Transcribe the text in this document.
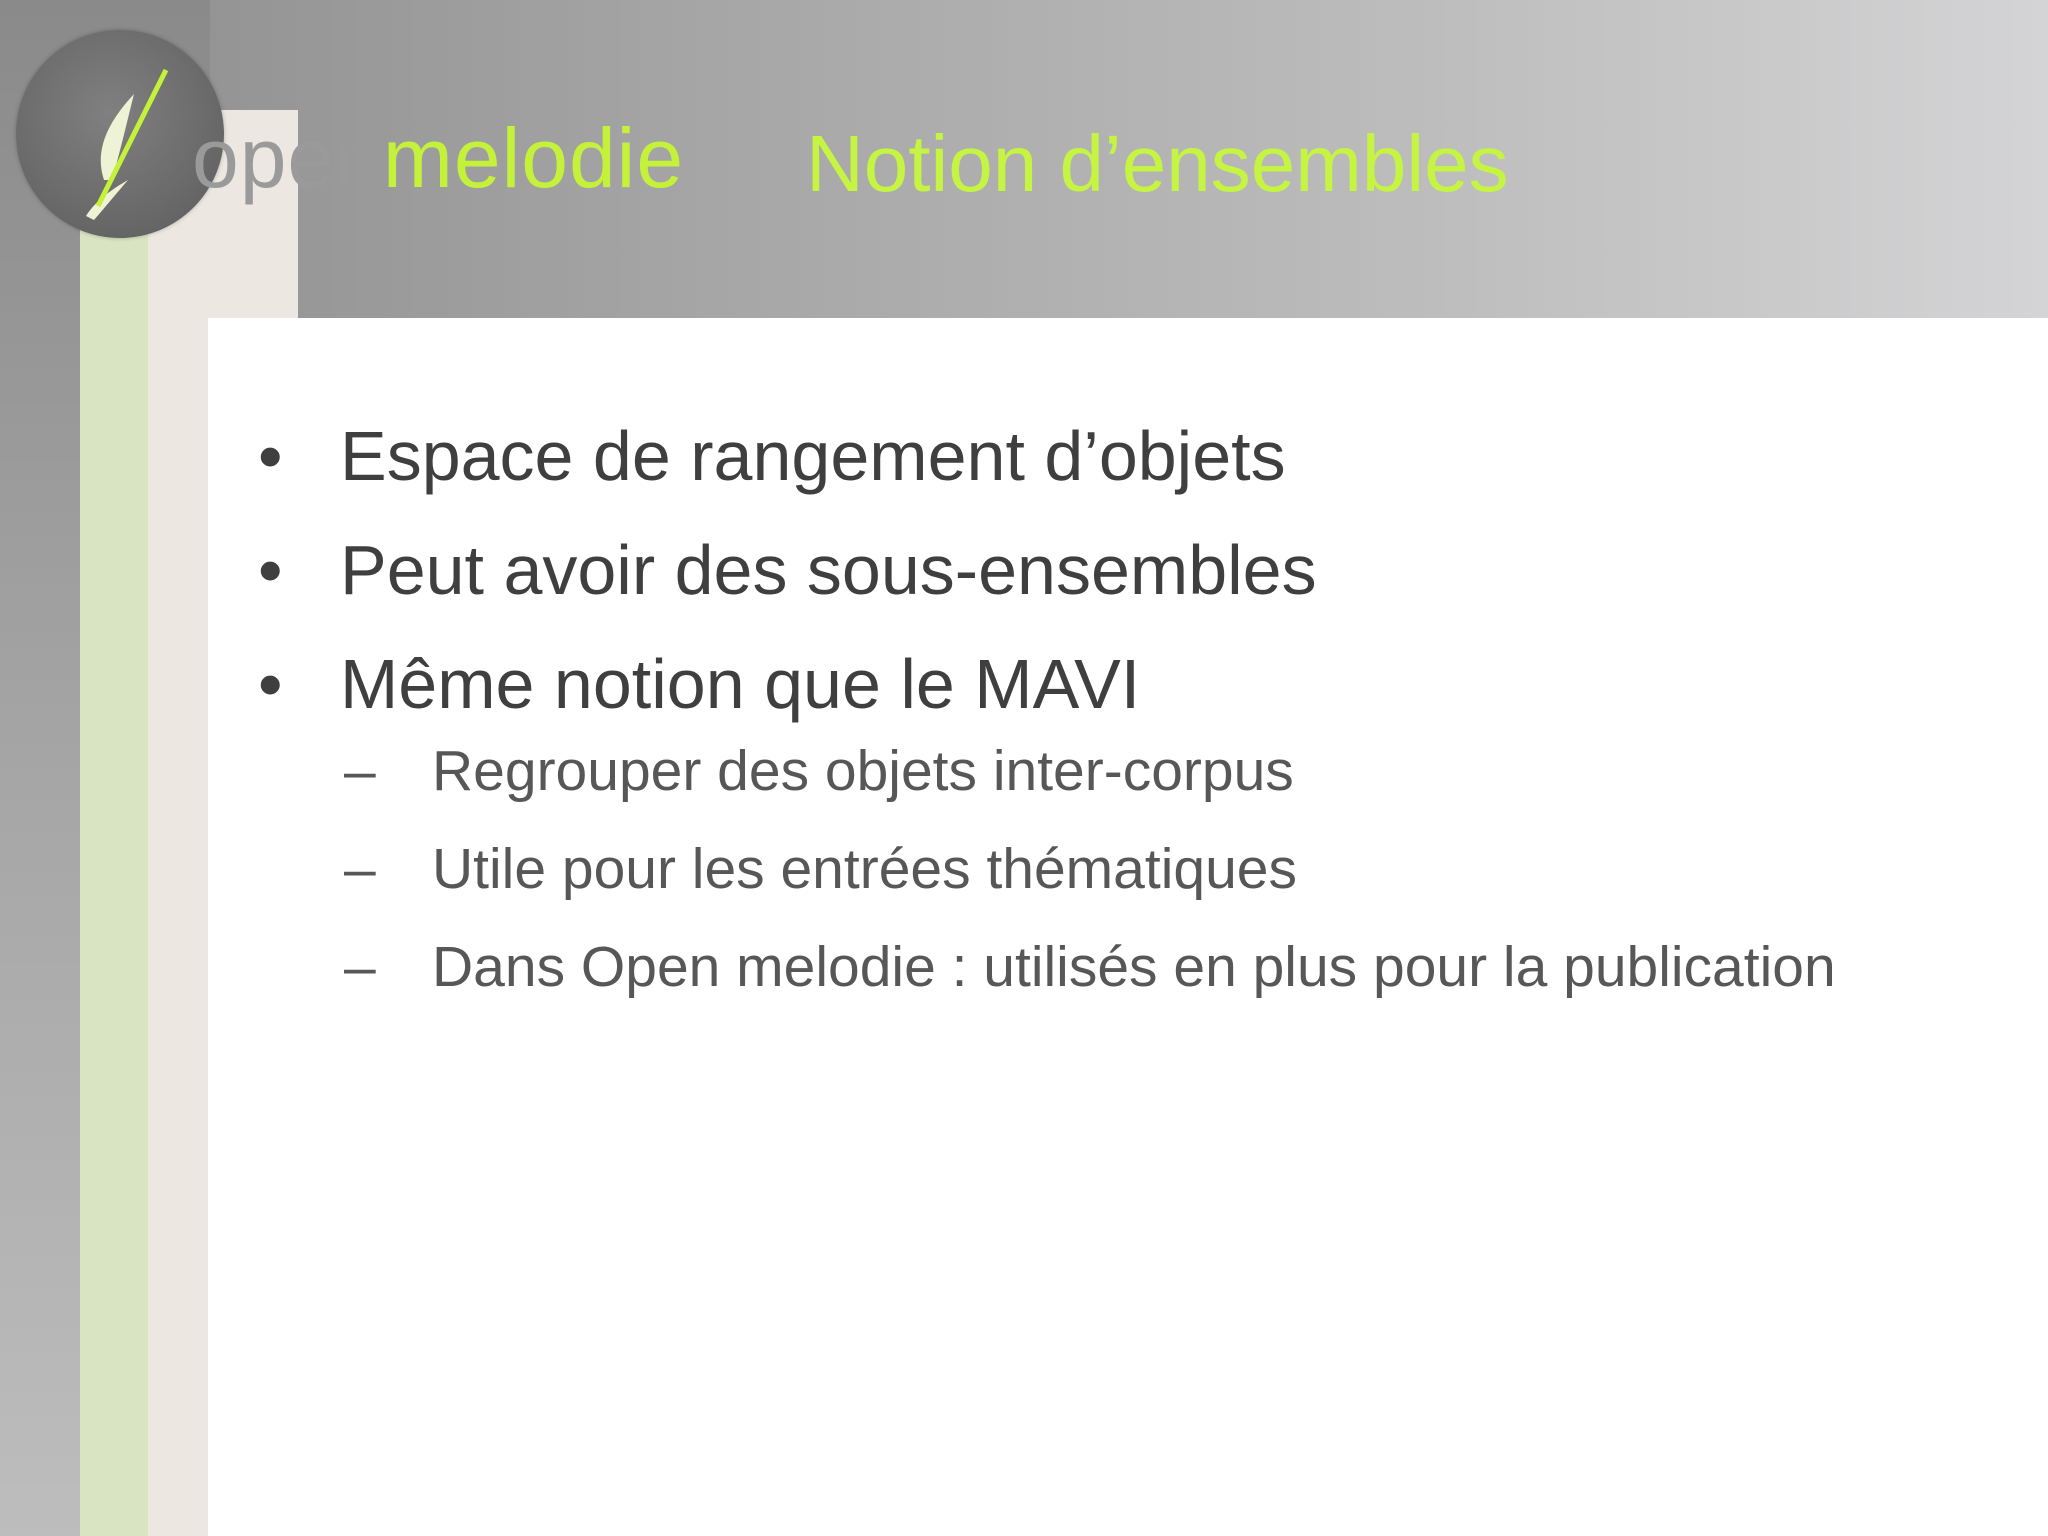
openmelodie Notion d’ensembles
• Espace de rangement d’objets
• Peut avoir des sous-ensembles
• Même notion que le MAVI
– Regrouper des objets inter-corpus
– Utile pour les entrées thématiques
– Dans Open melodie : utilisés en plus pour la publication
